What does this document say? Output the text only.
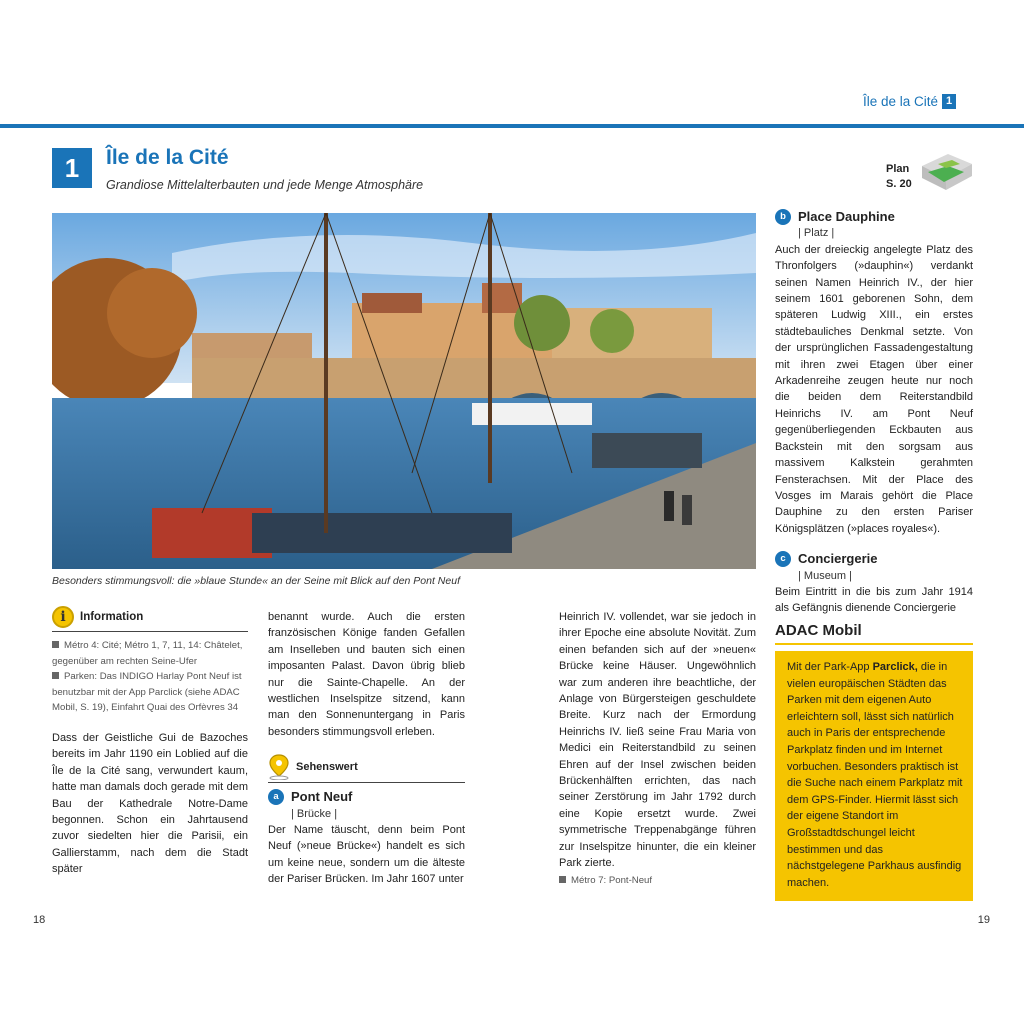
Île de la Cité 1
1	Île de la Cité
Grandiose Mittelalterbauten und jede Menge Atmosphäre
Plan
S. 20
Besonders stimmungsvoll: die »blaue Stunde« an der Seine mit Blick auf den Pont Neuf
i	Information
Métro 4: Cité; Métro 1, 7, 11, 14: Châtelet, gegenüber am rechten Seine-Ufer
Parken: Das INDIGO Harlay Pont Neuf ist benutzbar mit der App Parclick (siehe ADAC Mobil, S. 19), Einfahrt Quai des Orfèvres 34

Dass der Geistliche Gui de Bazoches bereits im Jahr 1190 ein Loblied auf die Île de la Cité sang, verwundert kaum, hatte man damals doch gerade mit dem Bau der Kathedrale Notre-Dame begonnen. Schon ein Jahrtausend zuvor siedelten hier die Parisii, ein Gallierstamm, nach dem die Stadt später

benannt wurde. Auch die ersten französischen Könige fanden Gefallen am Inselleben und bauten sich einen imposanten Palast. Davon übrig blieb nur die Sainte-Chapelle. An der westlichen Inselspitze sitzend, kann man den Sonnenuntergang in Paris besonders stimmungsvoll erleben.

Sehenswert
a Pont Neuf
| Brücke |

Der Name täuscht, denn beim Pont Neuf (»neue Brücke«) handelt es sich um keine neue, sondern um die älteste der Pariser Brücken. Im Jahr 1607 unter

Heinrich IV. vollendet, war sie jedoch in ihrer Epoche eine absolute Novität. Zum einen befanden sich auf der »neuen« Brücke keine Häuser. Ungewöhnlich war zum anderen ihre beachtliche, der Anlage von Bürgersteigen geschuldete Breite. Kurz nach der Ermordung Heinrichs IV. ließ seine Frau Maria von Medici ein Reiterstandbild zu seinen Ehren auf der Insel zwischen beiden Brückenhälften errichten, das nach seiner Zerstörung im Jahr 1792 durch eine Kopie ersetzt wurde. Zwei symmetrische Treppenabgänge führen zur Inselspitze hinunter, die ein kleiner Park zierte.

Métro 7: Pont-Neuf
b Place Dauphine
| Platz |

Auch der dreieckig angelegte Platz des Thronfolgers (»dauphin«) verdankt seinen Namen Heinrich IV., der hier seinem 1601 geborenen Sohn, dem späteren Ludwig XIII., ein erstes städtebauliches Denkmal setzte. Von der ursprünglichen Fassadengestaltung mit ihren zwei Etagen über einer Arkadenreihe zeugen heute nur noch die beiden dem Reiterstandbild Heinrichs IV. am Pont Neuf gegenüberliegenden Eckbauten aus Backstein mit den sorgsam aus massivem Kalkstein gerahmten Fensterachsen. Mit der Place des Vosges im Marais gehört die Place Dauphine zu den ersten Pariser Königsplätzen (»places royales«).

c Conciergerie
| Museum |

Beim Eintritt in die bis zum Jahr 1914 als Gefängnis dienende Conciergerie

ADAC Mobil
Mit der Park-App Parclick, die in vielen europäischen Städten das Parken mit dem eigenen Auto erleichtern soll, lässt sich natürlich auch in Paris der entsprechende Parkplatz finden und im Internet vorbuchen. Besonders praktisch ist die Suche nach einem Parkplatz mit dem GPS-Finder. Hiermit lässt sich der eigene Standort im Großstadtdschungel leicht bestimmen und das nächstgelegene Parkhaus ausfindig machen.
18	19
